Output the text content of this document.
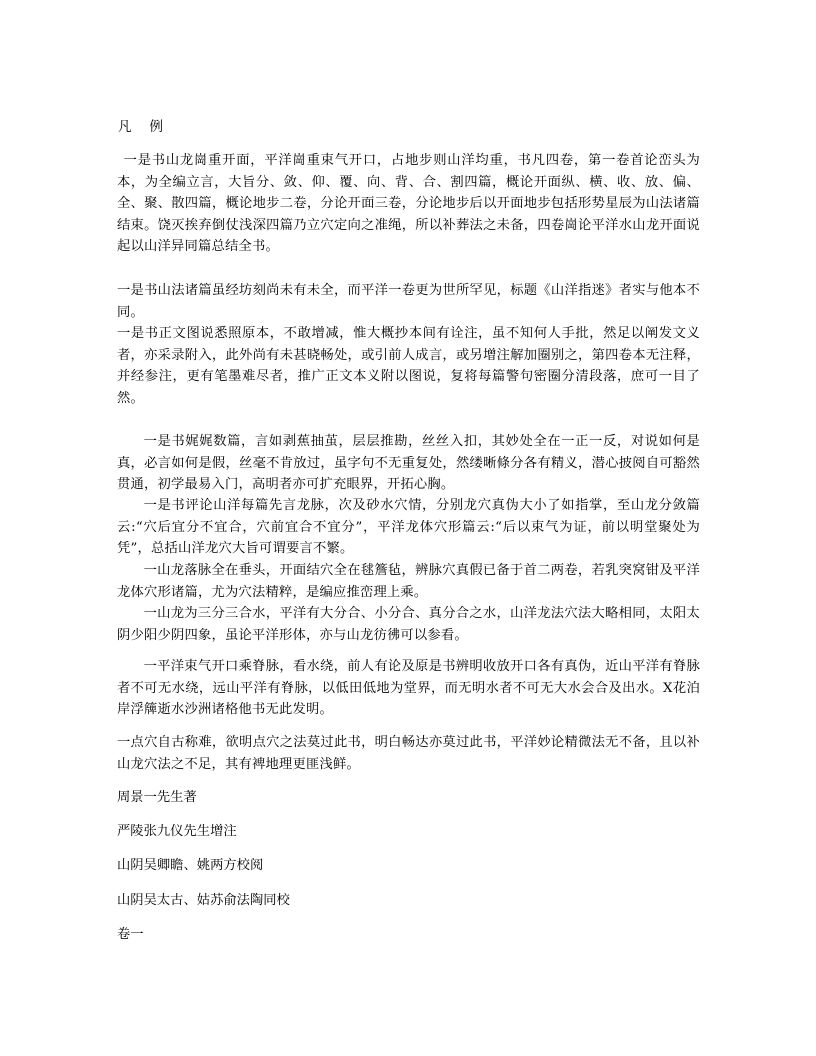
凡例

一是书山龙崗重开面，平洋崗重束气开口，占地步则山洋均重，书凡四卷，第一卷首论峦头为本，为全编立言，大旨分、敛、仰、覆、向、背、合、割四篇，概论开面纵、横、收、放、偏、全、聚、散四篇，概论地步二卷，分论开面三卷，分论地步后以开面地步包括形势星辰为山法诸篇结束。饶灭挨弃倒仗浅深四篇乃立穴定向之准绳，所以补葬法之未备，四卷崗论平洋水山龙开面说起以山洋异同篇总结全书。

一是书山法诸篇虽经坊刻尚未有未全，而平洋一卷更为世所罕见，标题《山洋指迷》者实与他本不同。

一是书正文图说悉照原本，不敢增减，惟大概抄本间有诠注，虽不知何人手批，然足以阐发文义者，亦采录附入，此外尚有未甚晓畅处，或引前人成言，或另增注解加圈别之，第四卷本无注释，并经参注，更有笔墨难尽者，推广正文本义附以图说，复将每篇警句密圈分清段落，庶可一目了然。

一是书娓娓数篇，言如剥蕉抽茧，层层推勘，丝丝入扣，其妙处全在一正一反，对说如何是真，必言如何是假，丝毫不肯放过，虽字句不无重复处，然缕晰條分各有精义，潜心披阅自可豁然贯通，初学最易入门，高明者亦可扩充眼界，开拓心胸。

一是书评论山洋每篇先言龙脉，次及砂水穴情，分别龙穴真伪大小了如指掌，至山龙分敛篇云:“穴后宜分不宜合，穴前宜合不宜分”，平洋龙体穴形篇云:“后以束气为证，前以明堂聚处为凭”，总括山洋龙穴大旨可谓要言不繁。

一山龙落脉全在垂头，开面结穴全在毬簷毡，辨脉穴真假已备于首二两卷，若乳突窝钳及平洋龙体穴形诸篇，尤为穴法精粹，是编应推峦理上乘。

一山龙为三分三合水，平洋有大分合、小分合、真分合之水，山洋龙法穴法大略相同，太阳太阴少阳少阴四象，虽论平洋形体，亦与山龙彷彿可以参看。

一平洋束气开口乘脊脉，看水绕，前人有论及原是书辨明收放开口各有真伪，近山平洋有脊脉者不可无水绕，远山平洋有脊脉，以低田低地为堂界，而无明水者不可无大水会合及出水。X花泊岸浮簰逝水沙洲诸格他书无此发明。

一点穴自古称难，欲明点穴之法莫过此书，明白畅达亦莫过此书，平洋妙论精微法无不备，且以补山龙穴法之不足，其有裨地理更匪浅鲜。

周景一先生著
严陵张九仪先生增注
山阴吴卿瞻、姚两方校阅
山阴吴太古、姑苏俞法陶同校
卷一
